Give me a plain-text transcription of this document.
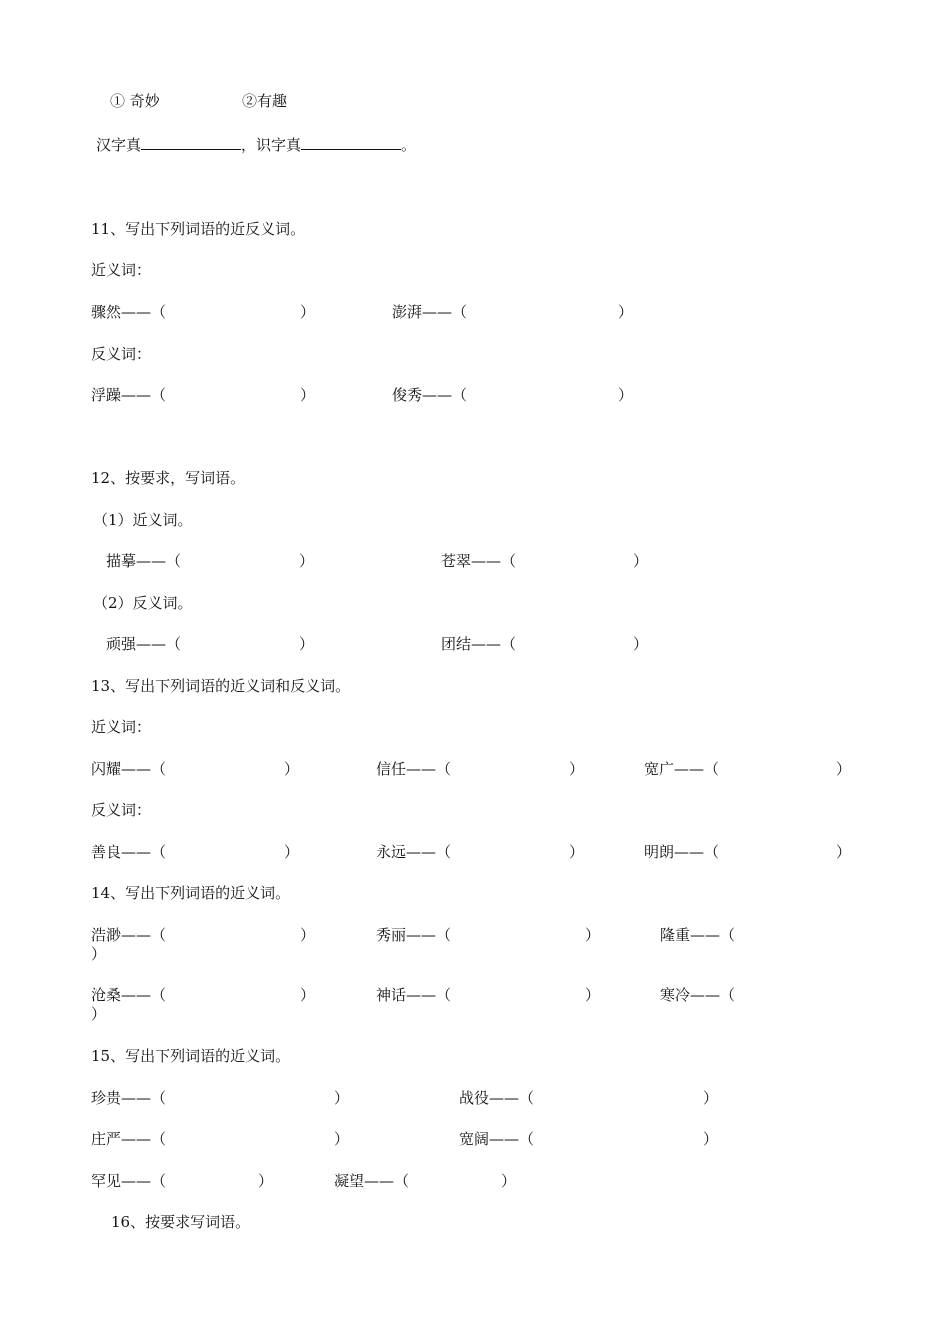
① 奇妙	②有趣
汉字真	，识字真	。
11、写出下列词语的近反义词。
近义词：
骤然——（	）	澎湃——（	）
反义词：
浮躁——（	）	俊秀——（	）
12、按要求，写词语。
（1）近义词。
描摹——（	）	苍翠——（	）
（2）反义词。
顽强——（	）	团结——（	）
13、写出下列词语的近义词和反义词。
近义词：
闪耀——（	）	信任——（	）	宽广——（	）
反义词：
善良——（	）	永远——（	）	明朗——（	）
14、写出下列词语的近义词。
浩渺——（	）	秀丽——（	）	隆重——（
）
沧桑——（	）	神话——（	）	寒冷——（
）
15、写出下列词语的近义词。
珍贵——（	）	战役——（	）
庄严——（	）	宽阔——（	）
罕见——（	）	凝望——（	）
16、按要求写词语。
